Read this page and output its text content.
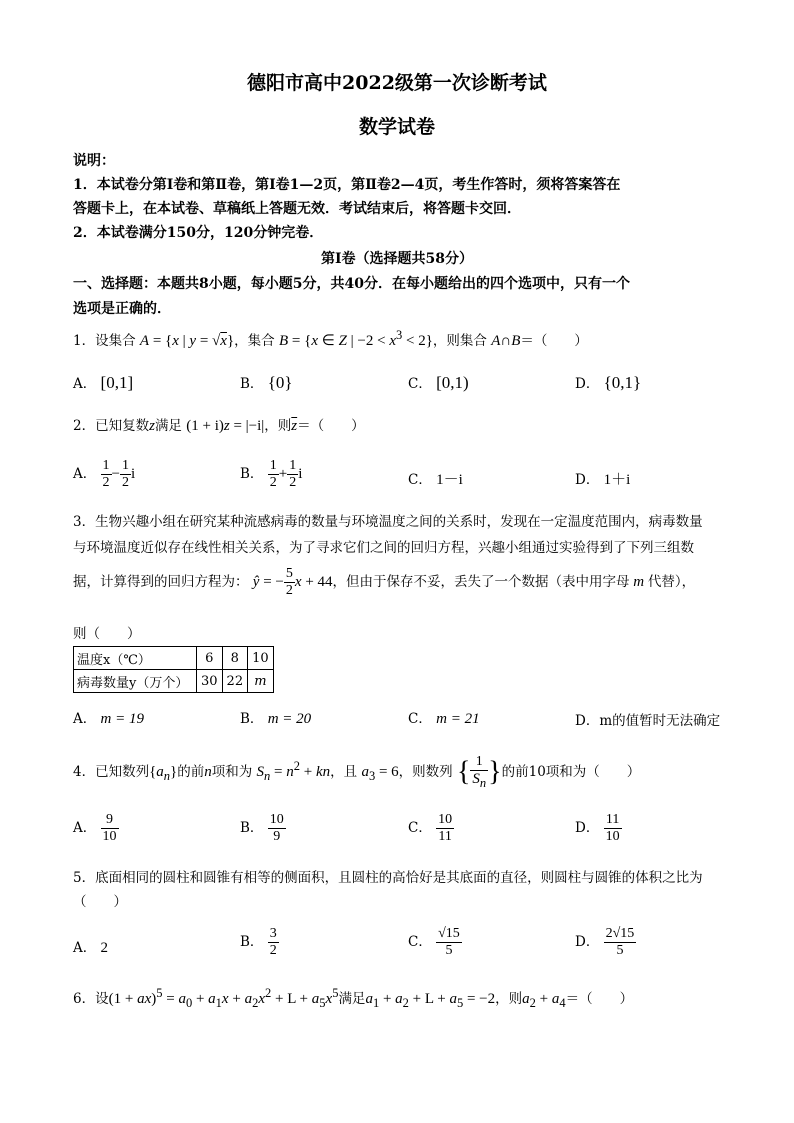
德阳市高中2022级第一次诊断考试
数学试卷
说明：
1．本试卷分第Ⅰ卷和第Ⅱ卷，第Ⅰ卷1—2页，第Ⅱ卷2—4页，考生作答时，须将答案答在
答题卡上，在本试卷、草稿纸上答题无效．考试结束后，将答题卡交回．
2．本试卷满分150分，120分钟完卷．
第Ⅰ卷（选择题共58分）
一、选择题：本题共8小题，每小题5分，共40分．在每小题给出的四个选项中，只有一个
选项是正确的．
1．设集合 A = {x | y = √x}，集合 B = {x ∈ Z | $-2 < x^3 < 2$}，则集合 A∩B＝（　　）
A． [0,1]	B． {0}	C． [0,1)	D． {0,1}
2．已知复数z满足 (1 + i)z = |−i|，则$\overline{z}=$（　　）
A． $\frac{1}{2} - \frac{1}{2}$ i	B． $\frac{1}{2} + \frac{1}{2}$ i	C． 1－i	D． 1＋i
3．生物兴趣小组在研究某种流感病毒的数量与环境温度之间的关系时，发现在一定温度范围内，病毒数量
与环境温度近似存在线性相关关系，为了寻求它们之间的回归方程，兴趣小组通过实验得到了下列三组数
据，计算得到的回归方程为： ŷ = − $\frac{5}{2}$ x + 44，但由于保存不妥，丢失了一个数据（表中用字母 m 代替），
则（　　）
温度x（℃）	6	8	10
病毒数量y（万个）	30	22	m
A． m = 19	B． m = 20	C． m = 21	D．m的值暂时无法确定
4．已知数列$\{a_n\}$的前n项和为 $S_n = n^2$ + kn，且 $a_3 = 6$，则数列 { $\frac{1}{S_n}$ }的前10项和为（　　）
A． $\frac{9}{10}$	B． $\frac{10}{9}$	C． $\frac{10}{11}$	D． $\frac{11}{10}$
5．底面相同的圆柱和圆锥有相等的侧面积，且圆柱的高恰好是其底面的直径，则圆柱与圆锥的体积之比为
（　　）
A． 2	B． $\frac{3}{2}$	C． $\frac{√15}{5}$	D． $\frac{2√15}{5}$
6．设$(1 + ax)^5 = a_0 + a_1x + a_2x^2 + L + a_5x^5$满足$a_1 + a_2 + L + a_5 = -2$，则$a_2 + a_4=$（　　）
